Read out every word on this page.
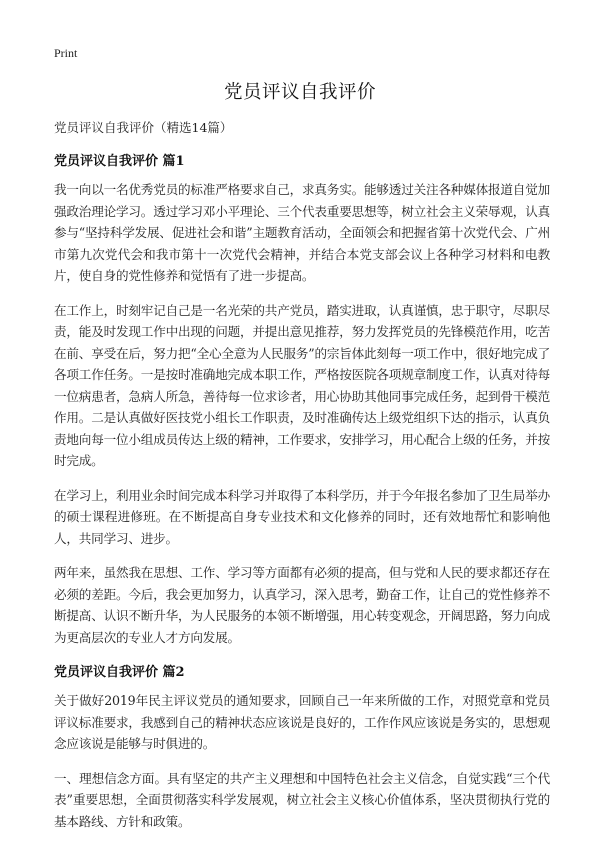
Print
党员评议自我评价

党员评议自我评价（精选14篇）

党员评议自我评价 篇1

我一向以一名优秀党员的标准严格要求自己，求真务实。能够透过关注各种媒体报道自觉加强政治理论学习。透过学习邓小平理论、三个代表重要思想等，树立社会主义荣辱观，认真参与“坚持科学发展、促进社会和谐”主题教育活动，全面领会和把握省第十次党代会、广州市第九次党代会和我市第十一次党代会精神，并结合本党支部会议上各种学习材料和电教片，使自身的党性修养和觉悟有了进一步提高。

在工作上，时刻牢记自己是一名光荣的共产党员，踏实进取，认真谨慎，忠于职守，尽职尽责，能及时发现工作中出现的问题，并提出意见推荐，努力发挥党员的先锋模范作用，吃苦在前、享受在后，努力把“全心全意为人民服务”的宗旨体此刻每一项工作中，很好地完成了各项工作任务。一是按时准确地完成本职工作，严格按医院各项规章制度工作，认真对待每一位病患者，急病人所急，善待每一位求诊者，用心协助其他同事完成任务，起到骨干模范作用。二是认真做好医技党小组长工作职责，及时准确传达上级党组织下达的指示，认真负责地向每一位小组成员传达上级的精神，工作要求，安排学习，用心配合上级的任务，并按时完成。

在学习上，利用业余时间完成本科学习并取得了本科学历，并于今年报名参加了卫生局举办的硕士课程进修班。在不断提高自身专业技术和文化修养的同时，还有效地帮忙和影响他人，共同学习、进步。

两年来，虽然我在思想、工作、学习等方面都有必须的提高，但与党和人民的要求都还存在必须的差距。今后，我会更加努力，认真学习，深入思考，勤奋工作，让自己的党性修养不断提高、认识不断升华，为人民服务的本领不断增强，用心转变观念，开阔思路，努力向成为更高层次的专业人才方向发展。

党员评议自我评价 篇2

关于做好2019年民主评议党员的通知要求，回顾自己一年来所做的工作，对照党章和党员评议标准要求，我感到自己的精神状态应该说是良好的，工作作风应该说是务实的，思想观念应该说是能够与时俱进的。

一、理想信念方面。具有坚定的共产主义理想和中国特色社会主义信念，自觉实践“三个代表”重要思想，全面贯彻落实科学发展观，树立社会主义核心价值体系，坚决贯彻执行党的基本路线、方针和政策。
